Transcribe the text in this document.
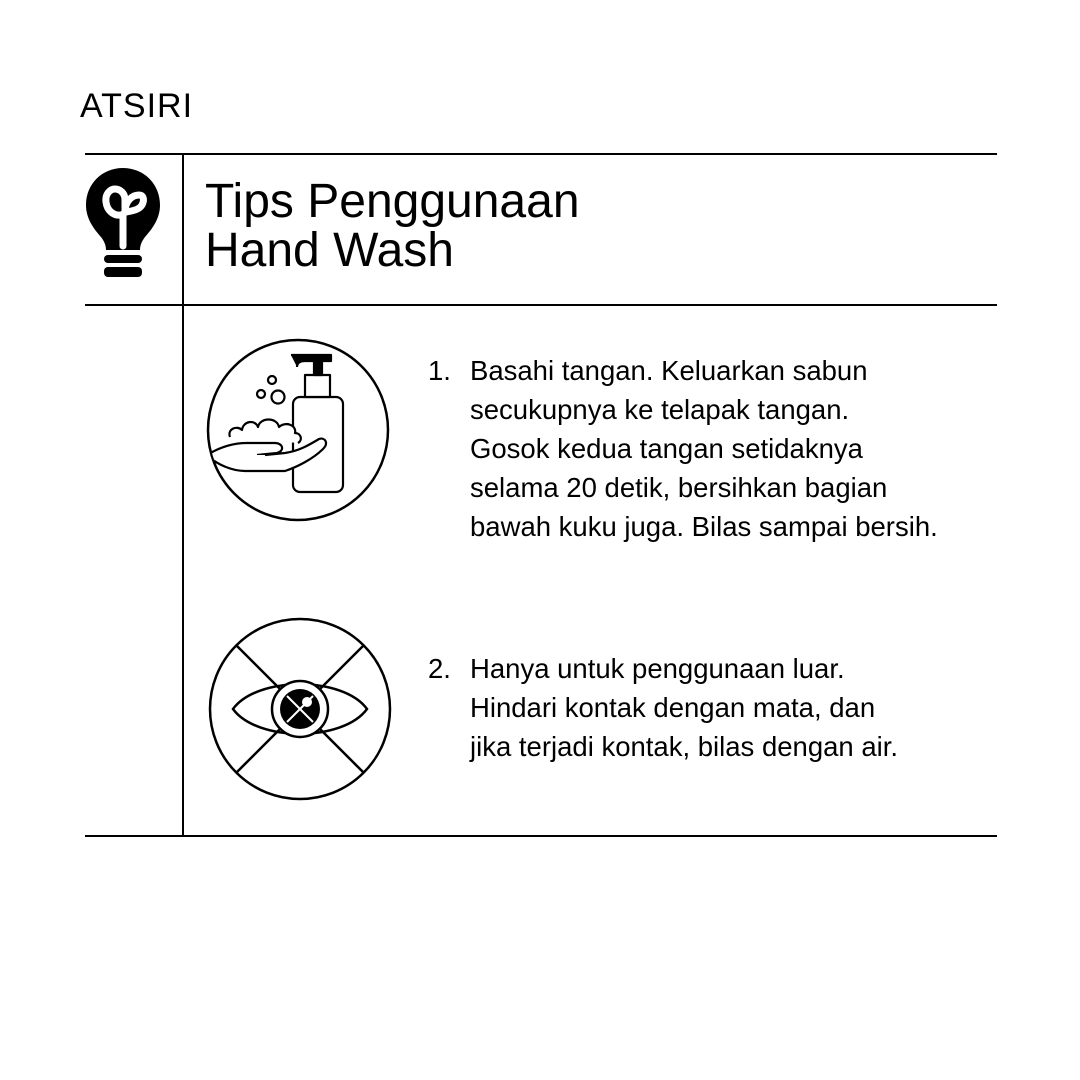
ATSIRI
Tips Penggunaan
Hand Wash
1. Basahi tangan. Keluarkan sabun
secukupnya ke telapak tangan.
Gosok kedua tangan setidaknya
selama 20 detik, bersihkan bagian
bawah kuku juga. Bilas sampai bersih.
2. Hanya untuk penggunaan luar.
Hindari kontak dengan mata, dan
jika terjadi kontak, bilas dengan air.
